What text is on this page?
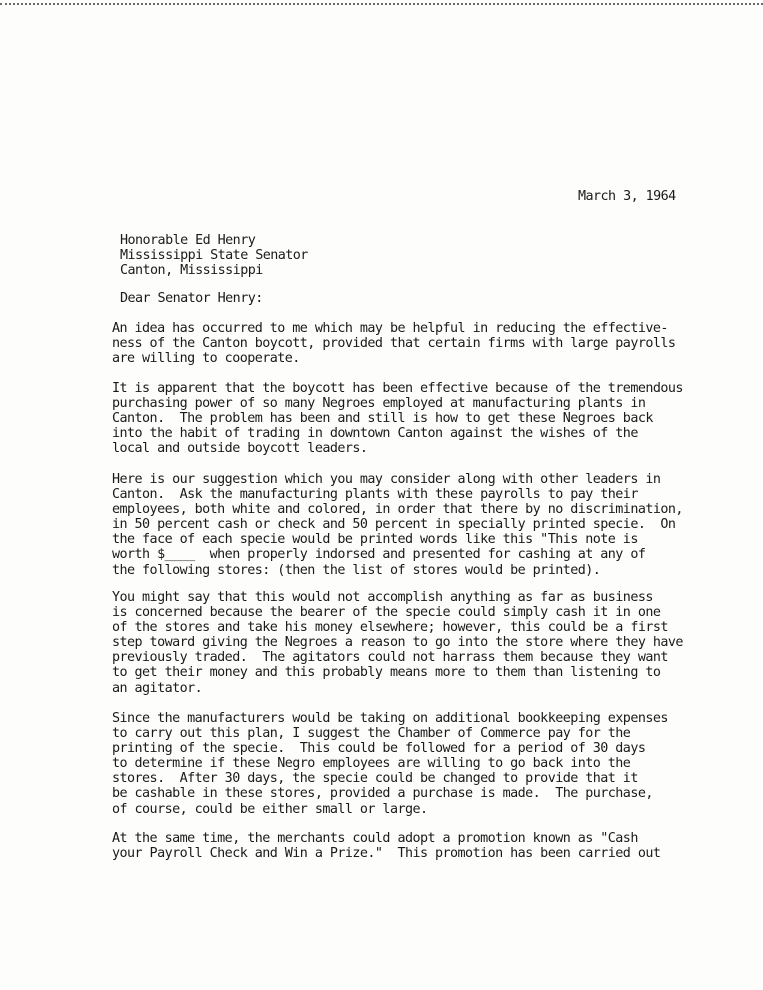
March 3, 1964
Honorable Ed Henry
Mississippi State Senator
Canton, Mississippi
Dear Senator Henry:

An idea has occurred to me which may be helpful in reducing the effective-
ness of the Canton boycott, provided that certain firms with large payrolls
are willing to cooperate.

It is apparent that the boycott has been effective because of the tremendous
purchasing power of so many Negroes employed at manufacturing plants in
Canton.  The problem has been and still is how to get these Negroes back
into the habit of trading in downtown Canton against the wishes of the
local and outside boycott leaders.

Here is our suggestion which you may consider along with other leaders in
Canton.  Ask the manufacturing plants with these payrolls to pay their
employees, both white and colored, in order that there by no discrimination,
in 50 percent cash or check and 50 percent in specially printed specie.  On
the face of each specie would be printed words like this "This note is
worth $____  when properly indorsed and presented for cashing at any of
the following stores: (then the list of stores would be printed).

You might say that this would not accomplish anything as far as business
is concerned because the bearer of the specie could simply cash it in one
of the stores and take his money elsewhere; however, this could be a first
step toward giving the Negroes a reason to go into the store where they have
previously traded.  The agitators could not harrass them because they want
to get their money and this probably means more to them than listening to
an agitator.

Since the manufacturers would be taking on additional bookkeeping expenses
to carry out this plan, I suggest the Chamber of Commerce pay for the
printing of the specie.  This could be followed for a period of 30 days
to determine if these Negro employees are willing to go back into the
stores.  After 30 days, the specie could be changed to provide that it
be cashable in these stores, provided a purchase is made.  The purchase,
of course, could be either small or large.

At the same time, the merchants could adopt a promotion known as "Cash
your Payroll Check and Win a Prize."  This promotion has been carried out
